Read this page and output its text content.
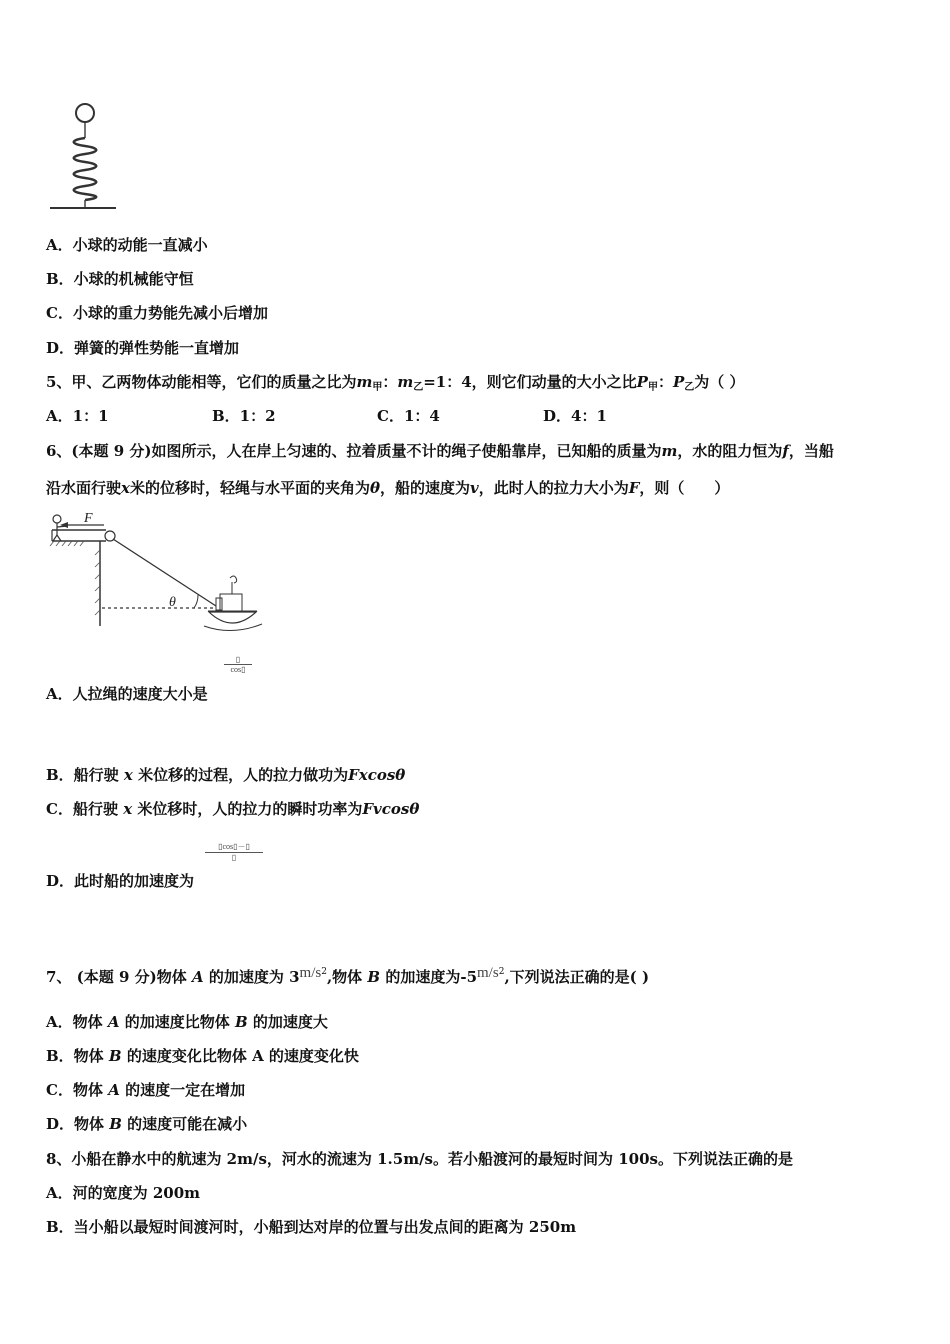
A．小球的动能一直减小
B．小球的机械能守恒
C．小球的重力势能先减小后增加
D．弹簧的弹性势能一直增加
5、甲、乙两物体动能相等，它们的质量之比为$m_甲$：$m_乙=1$：4，则它们动量的大小之比$P_甲$：$P_乙$为（ ）
A．1：1	B．1：2	C．1：4	D．4：1
6、(本题 9 分)如图所示，人在岸上匀速的、拉着质量不计的绳子使船靠岸，已知船的质量为m，水的阻力恒为f，当船
沿水面行驶x米的位移时，轻绳与水平面的夹角为θ，船的速度为v，此时人的拉力大小为F，则（　　）
F
θ
▯
cos▯
A．人拉绳的速度大小是
B．船行驶 x 米位移的过程，人的拉力做功为Fxcosθ
C．船行驶 x 米位移时，人的拉力的瞬时功率为Fvcosθ
▯cos▯－▯
▯
D．此时船的加速度为
7、 (本题 9 分)物体 A 的加速度为 $3m/s^2$,物体 B 的加速度为$-5m/s^2$,下列说法正确的是( )
A．物体 A 的加速度比物体 B 的加速度大
B．物体 B 的速度变化比物体 A 的速度变化快
C．物体 A 的速度一定在增加
D．物体 B 的速度可能在减小
8、小船在静水中的航速为 2m/s，河水的流速为 1.5m/s。若小船渡河的最短时间为 100s。下列说法正确的是
A．河的宽度为 200m
B．当小船以最短时间渡河时，小船到达对岸的位置与出发点间的距离为 250m
